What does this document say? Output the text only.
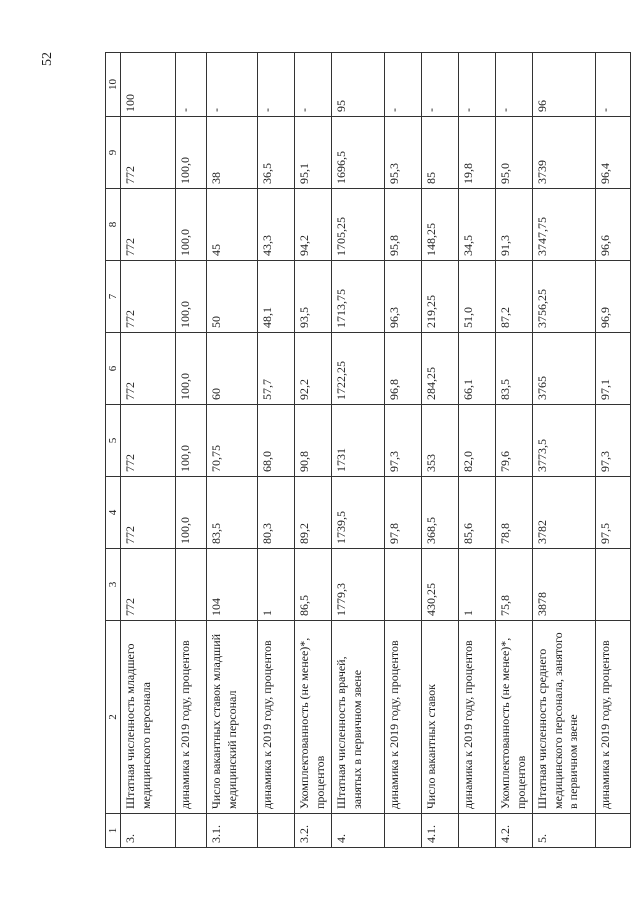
52
1	2	3	4	5	6	7	8	9	10
3.	Штатная численность младшего медицинского персонала	772	772	772	772	772	772	772	100
	динамика к 2019 году, процентов		100,0	100,0	100,0	100,0	100,0	100,0	-
3.1.	Число вакантных ставок младший медицинский персонал	104	83,5	70,75	60	50	45	38	-
	динамика к 2019 году, процентов	1	80,3	68,0	57,7	48,1	43,3	36,5	-
3.2.	Укомплектованность (не менее)*, процентов	86,5	89,2	90,8	92,2	93,5	94,2	95,1	-
4.	Штатная численность врачей, занятых в первичном звене	1779,3	1739,5	1731	1722,25	1713,75	1705,25	1696,5	95
	динамика к 2019 году, процентов		97,8	97,3	96,8	96,3	95,8	95,3	-
4.1.	Число вакантных ставок	430,25	368,5	353	284,25	219,25	148,25	85	-
	динамика к 2019 году, процентов	1	85,6	82,0	66,1	51,0	34,5	19,8	-
4.2.	Укомплектованность (не менее)*, процентов	75,8	78,8	79,6	83,5	87,2	91,3	95,0	-
5.	Штатная численность среднего медицинского персонала, занятого в первичном звене	3878	3782	3773,5	3765	3756,25	3747,75	3739	96
	динамика к 2019 году, процентов		97,5	97,3	97,1	96,9	96,6	96,4	-
